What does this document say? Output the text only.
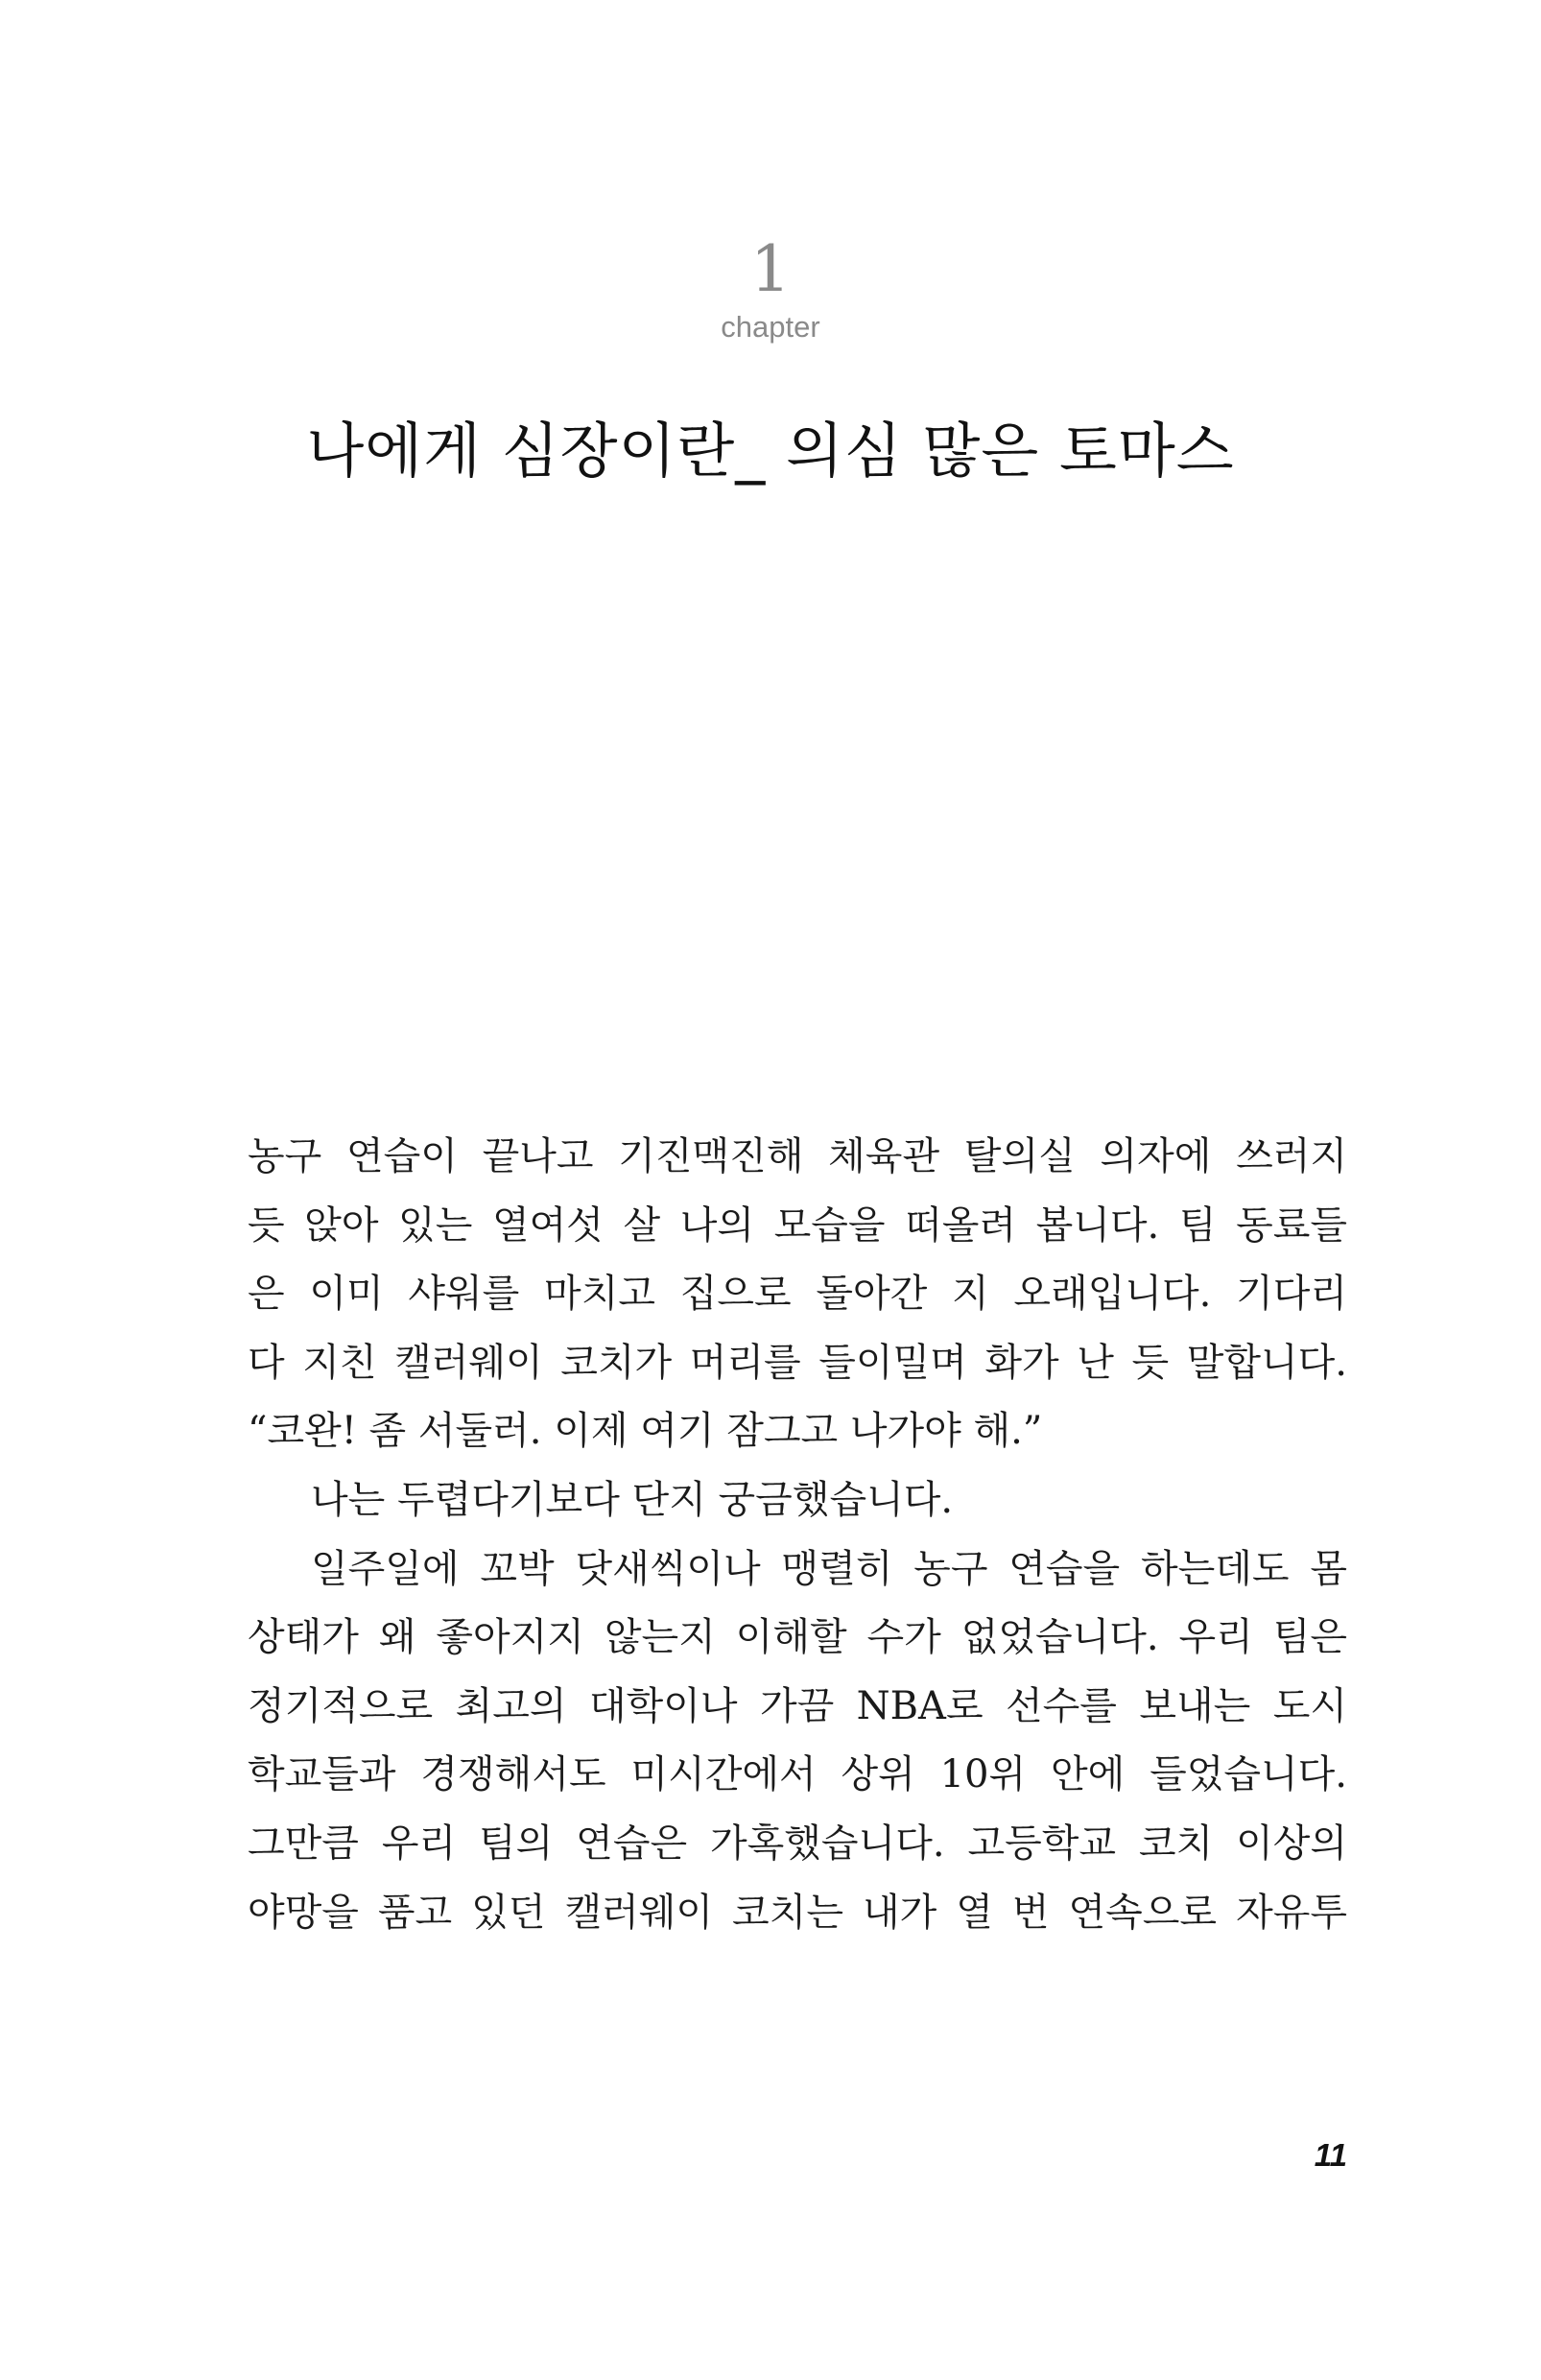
1
chapter
나에게 심장이란_ 의심 많은 토마스
농구 연습이 끝나고 기진맥진해 체육관 탈의실 의자에 쓰러지
듯 앉아 있는 열여섯 살 나의 모습을 떠올려 봅니다. 팀 동료들
은 이미 샤워를 마치고 집으로 돌아간 지 오래입니다. 기다리
다 지친 캘러웨이 코치가 머리를 들이밀며 화가 난 듯 말합니다.
“코완! 좀 서둘러. 이제 여기 잠그고 나가야 해.”
나는 두렵다기보다 단지 궁금했습니다.
일주일에 꼬박 닷새씩이나 맹렬히 농구 연습을 하는데도 몸
상태가 왜 좋아지지 않는지 이해할 수가 없었습니다. 우리 팀은
정기적으로 최고의 대학이나 가끔 NBA로 선수를 보내는 도시
학교들과 경쟁해서도 미시간에서 상위 10위 안에 들었습니다.
그만큼 우리 팀의 연습은 가혹했습니다. 고등학교 코치 이상의
야망을 품고 있던 캘러웨이 코치는 내가 열 번 연속으로 자유투
11
